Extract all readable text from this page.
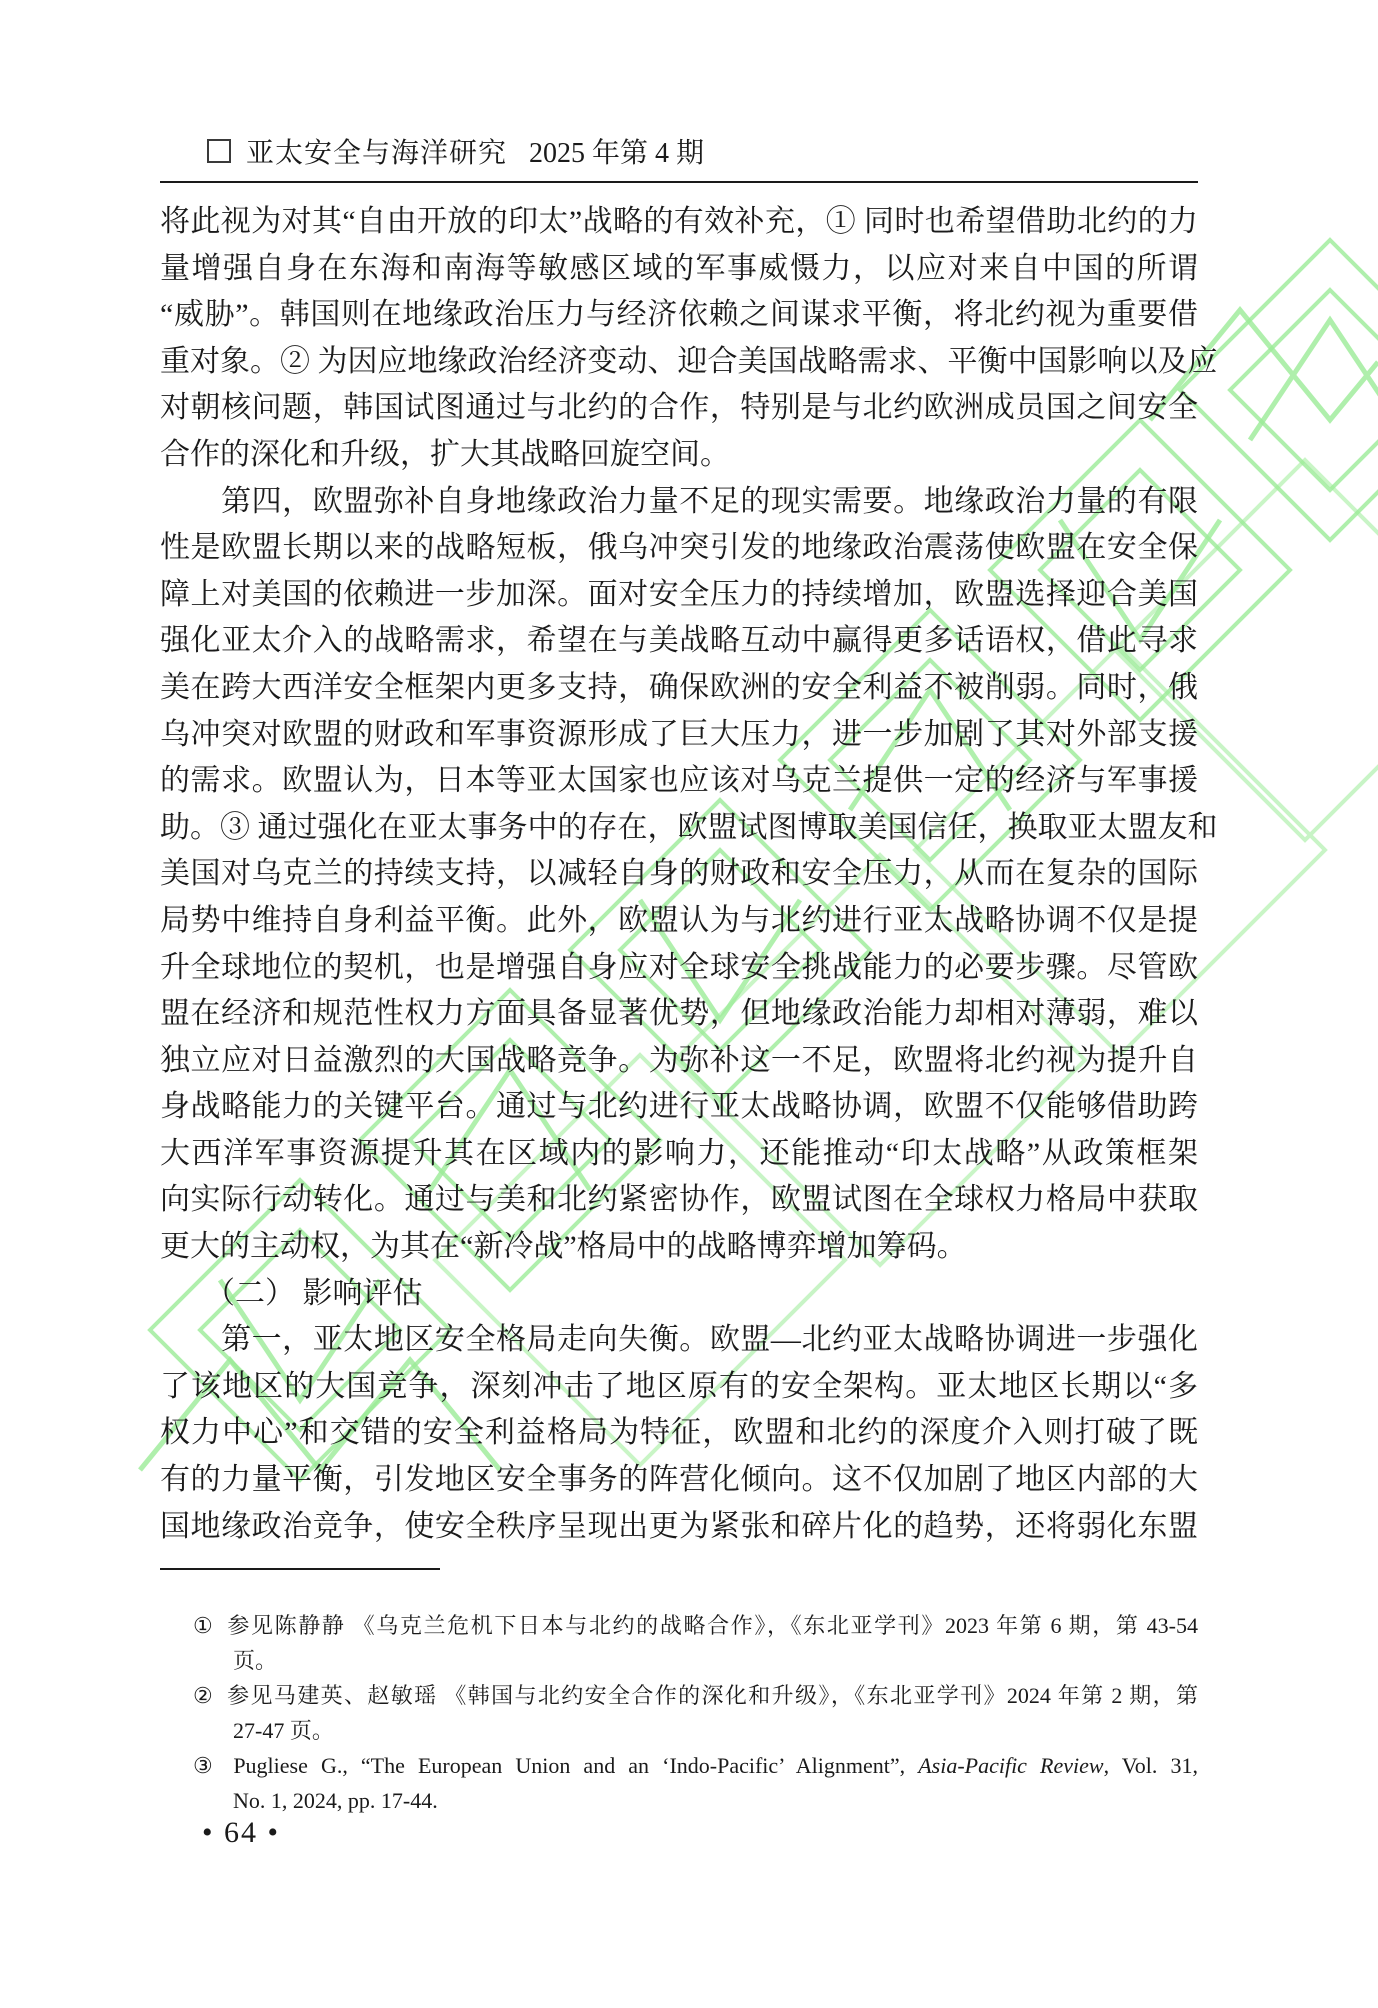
亚太安全与海洋研究 2025 年第 4 期
将此视为对其“自由开放的印太”战略的有效补充，① 同时也希望借助北约的力
量增强自身在东海和南海等敏感区域的军事威慑力，以应对来自中国的所谓
“威胁”。韩国则在地缘政治压力与经济依赖之间谋求平衡，将北约视为重要借
重对象。② 为因应地缘政治经济变动、迎合美国战略需求、平衡中国影响以及应
对朝核问题，韩国试图通过与北约的合作，特别是与北约欧洲成员国之间安全
合作的深化和升级，扩大其战略回旋空间。
　　第四，欧盟弥补自身地缘政治力量不足的现实需要。地缘政治力量的有限
性是欧盟长期以来的战略短板，俄乌冲突引发的地缘政治震荡使欧盟在安全保
障上对美国的依赖进一步加深。面对安全压力的持续增加，欧盟选择迎合美国
强化亚太介入的战略需求，希望在与美战略互动中赢得更多话语权，借此寻求
美在跨大西洋安全框架内更多支持，确保欧洲的安全利益不被削弱。同时，俄
乌冲突对欧盟的财政和军事资源形成了巨大压力，进一步加剧了其对外部支援
的需求。欧盟认为，日本等亚太国家也应该对乌克兰提供一定的经济与军事援
助。③ 通过强化在亚太事务中的存在，欧盟试图博取美国信任，换取亚太盟友和
美国对乌克兰的持续支持，以减轻自身的财政和安全压力，从而在复杂的国际
局势中维持自身利益平衡。此外，欧盟认为与北约进行亚太战略协调不仅是提
升全球地位的契机，也是增强自身应对全球安全挑战能力的必要步骤。尽管欧
盟在经济和规范性权力方面具备显著优势，但地缘政治能力却相对薄弱，难以
独立应对日益激烈的大国战略竞争。为弥补这一不足，欧盟将北约视为提升自
身战略能力的关键平台。通过与北约进行亚太战略协调，欧盟不仅能够借助跨
大西洋军事资源提升其在区域内的影响力，还能推动“印太战略”从政策框架
向实际行动转化。通过与美和北约紧密协作，欧盟试图在全球权力格局中获取
更大的主动权，为其在“新冷战”格局中的战略博弈增加筹码。
　　（二） 影响评估
　　第一，亚太地区安全格局走向失衡。欧盟—北约亚太战略协调进一步强化
了该地区的大国竞争，深刻冲击了地区原有的安全架构。亚太地区长期以“多
权力中心”和交错的安全利益格局为特征，欧盟和北约的深度介入则打破了既
有的力量平衡，引发地区安全事务的阵营化倾向。这不仅加剧了地区内部的大
国地缘政治竞争，使安全秩序呈现出更为紧张和碎片化的趋势，还将弱化东盟
① 参见陈静静 《乌克兰危机下日本与北约的战略合作》，《东北亚学刊》2023 年第 6 期，第 43-54
页。
② 参见马建英、赵敏瑶 《韩国与北约安全合作的深化和升级》，《东北亚学刊》2024 年第 2 期，第
27-47 页。
③ Pugliese G., “The European Union and an ‘Indo-Pacific’ Alignment”, Asia-Pacific Review, Vol. 31,
No. 1, 2024, pp. 17-44.
• 64 •
